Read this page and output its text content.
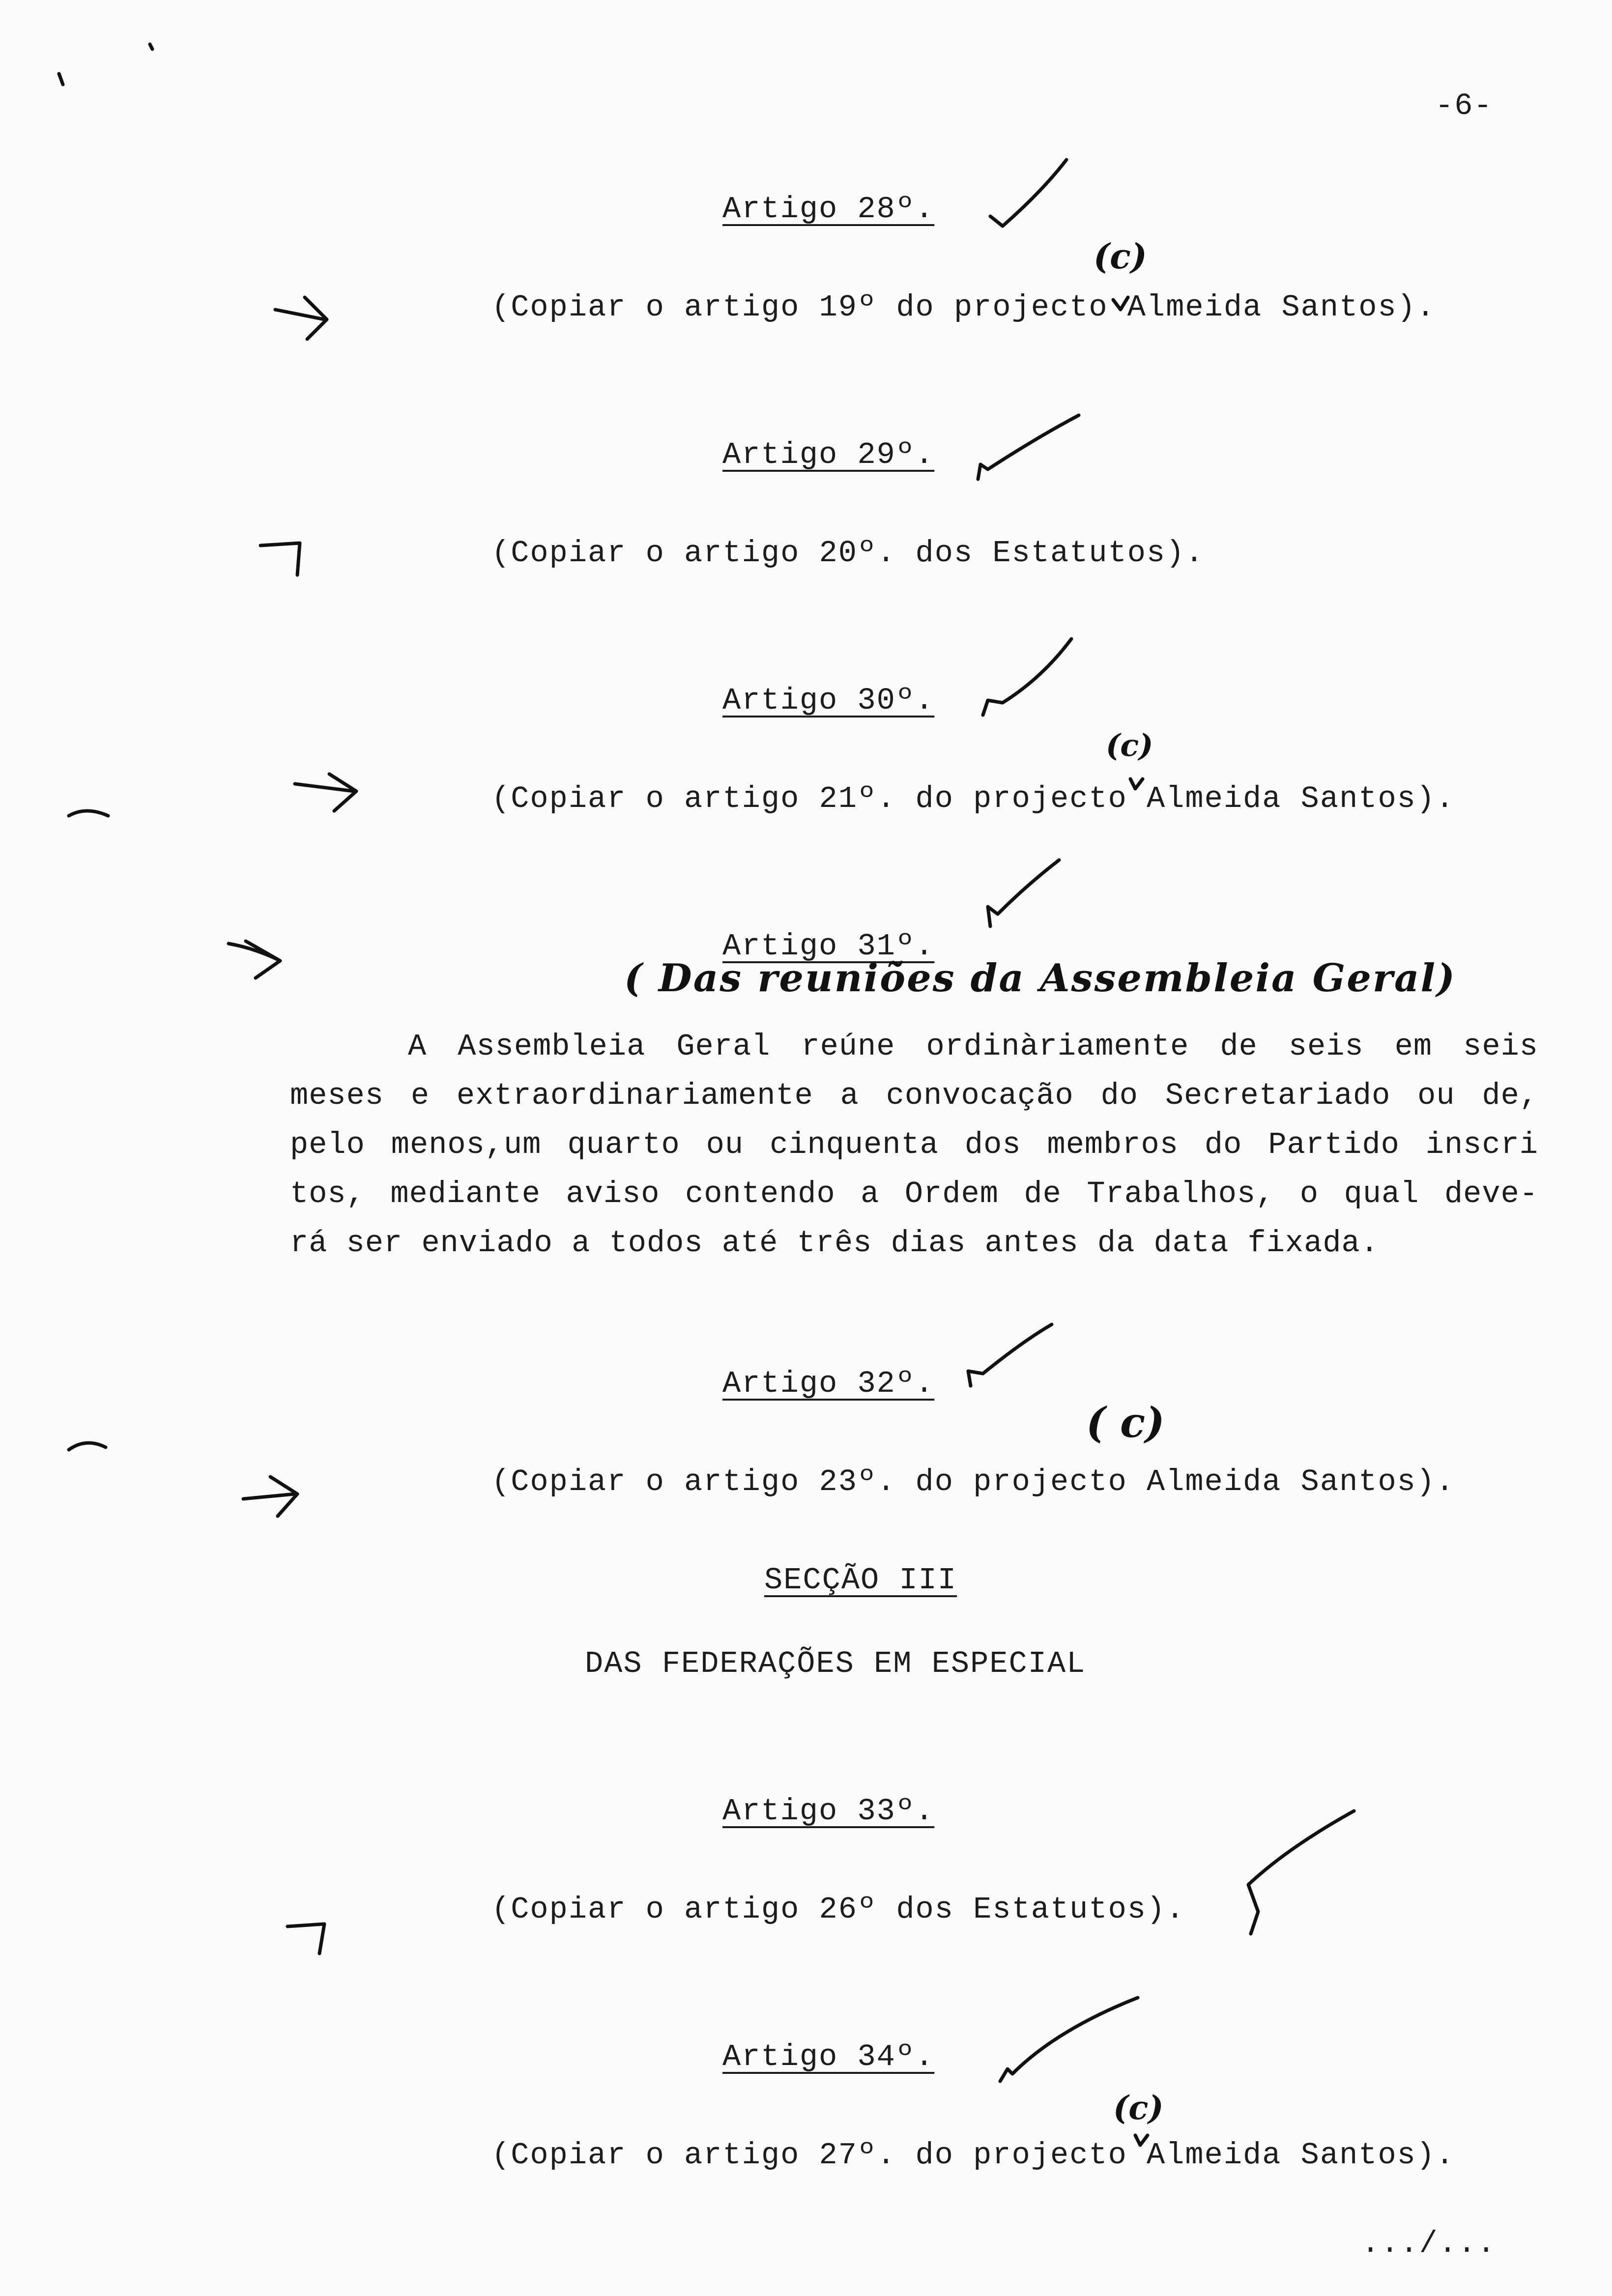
-6-
Artigo 28º.
(c)
(Copiar o artigo 19º do projecto Almeida Santos).
Artigo 29º.
(Copiar o artigo 20º. dos Estatutos).
Artigo 30º.
(c)
(Copiar o artigo 21º. do projecto Almeida Santos).
Artigo 31º.
( Das reuniões da Assembleia Geral)
A Assembleia Geral reúne ordinàriamente de seis em seis
meses e extraordinariamente a convocação do Secretariado ou de,
pelo menos,um quarto ou cinquenta dos membros do Partido inscri
tos, mediante aviso contendo a Ordem de Trabalhos, o qual deve-
rá ser enviado a todos até três dias antes da data fixada.
Artigo 32º.
( c)
(Copiar o artigo 23º. do projecto Almeida Santos).
SECÇÃO III
DAS FEDERAÇÕES EM ESPECIAL
Artigo 33º.
(Copiar o artigo 26º dos Estatutos).
Artigo 34º.
(c)
(Copiar o artigo 27º. do projecto Almeida Santos).
.../...
